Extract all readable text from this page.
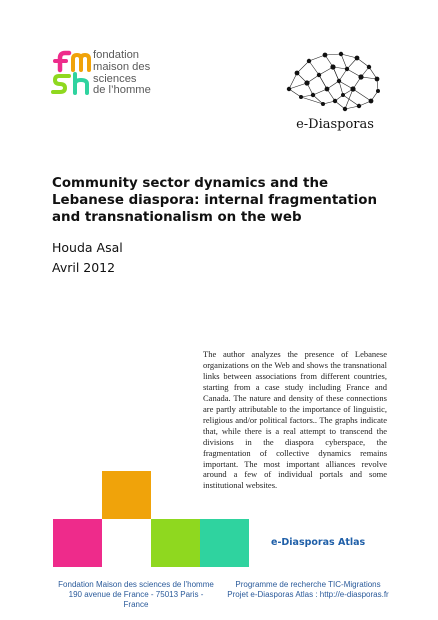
fondation
maison des
sciences
de l’homme
e-Diasporas
Community sector dynamics and the Lebanese diaspora: internal fragmentation and transnationalism on the web
Houda Asal
Avril 2012
The author analyzes the presence of Lebanese organizations on the Web and shows the transnational links between associations from different countries, starting from a case study including France and Canada. The nature and density of these connections are partly attributable to the importance of linguistic, religious and/or political factors.. The graphs indicate that, while there is a real attempt to transcend the divisions in the diaspora cyberspace, the fragmentation of collective dynamics remains important. The most important alliances revolve around a few of individual portals and some institutional websites.
e-Diasporas Atlas
Fondation Maison des sciences de l’homme
190 avenue de France - 75013 Paris - France
Programme de recherche TIC-Migrations
Projet e-Diasporas Atlas : http://e-diasporas.fr
